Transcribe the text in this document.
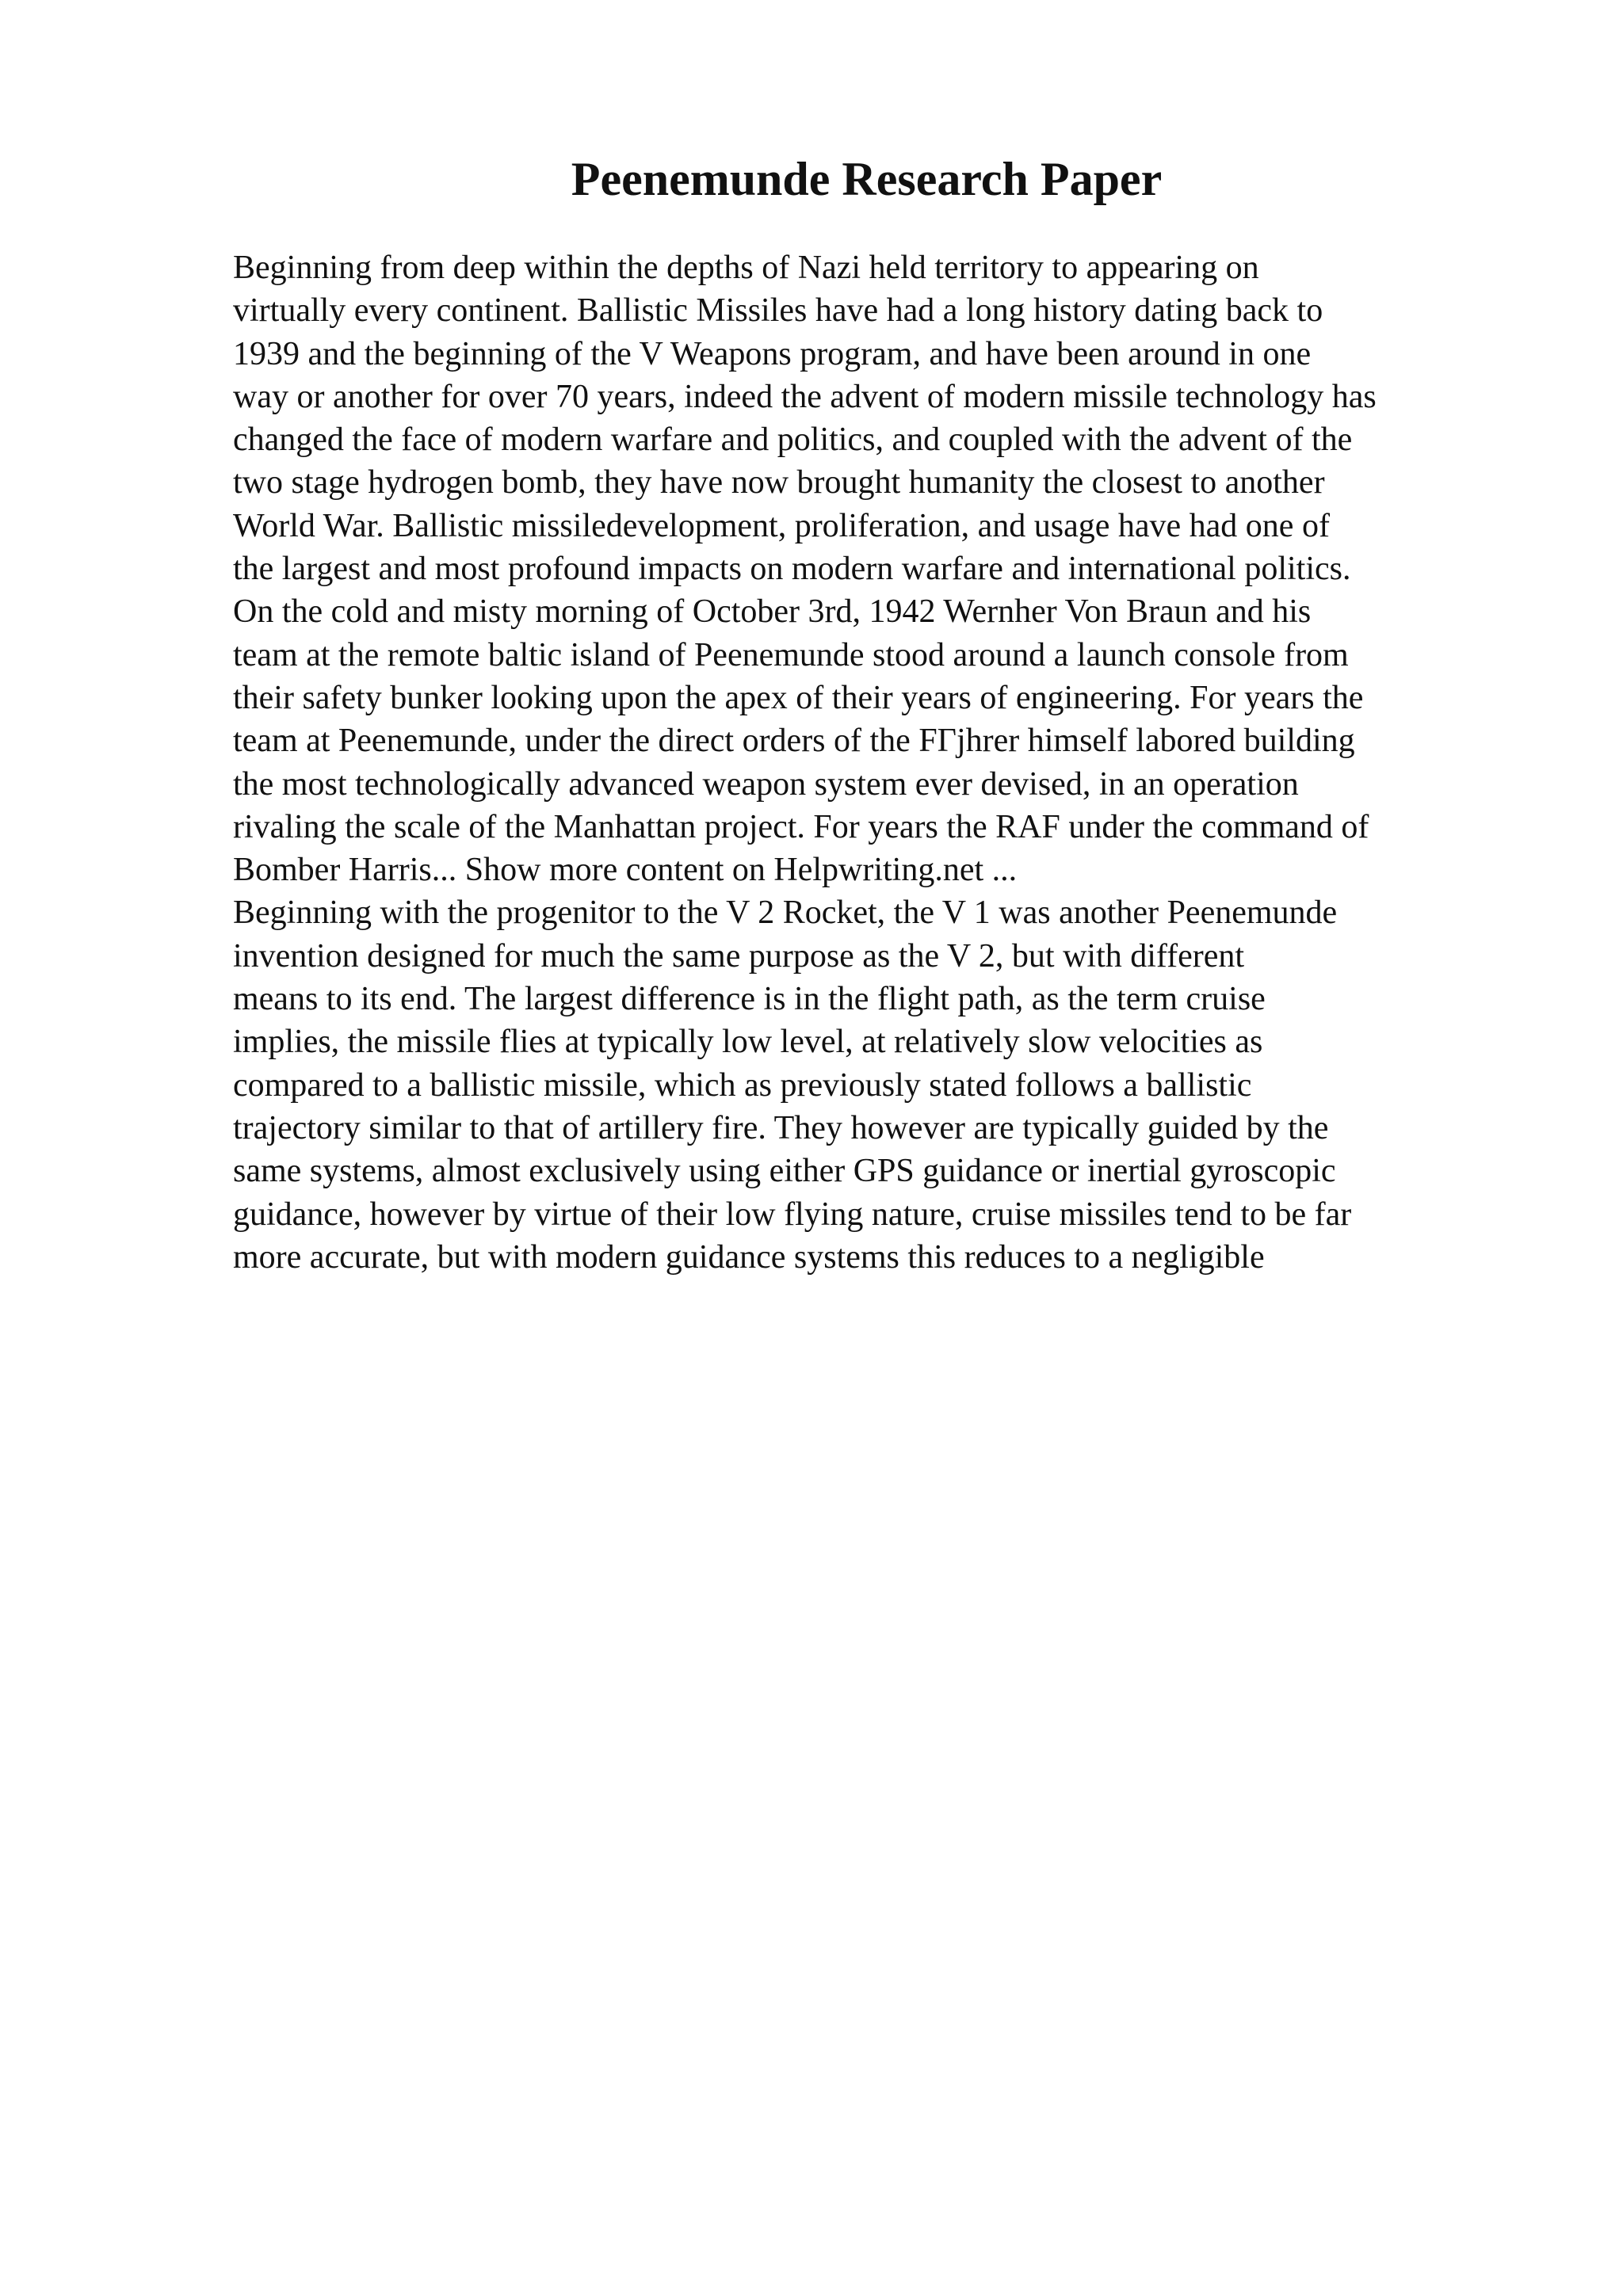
Peenemunde Research Paper
Beginning from deep within the depths of Nazi held territory to appearing on
virtually every continent. Ballistic Missiles have had a long history dating back to
1939 and the beginning of the V Weapons program, and have been around in one
way or another for over 70 years, indeed the advent of modern missile technology has
changed the face of modern warfare and politics, and coupled with the advent of the
two stage hydrogen bomb, they have now brought humanity the closest to another
World War. Ballistic missiledevelopment, proliferation, and usage have had one of
the largest and most profound impacts on modern warfare and international politics.
On the cold and misty morning of October 3rd, 1942 Wernher Von Braun and his
team at the remote baltic island of Peenemunde stood around a launch console from
their safety bunker looking upon the apex of their years of engineering. For years the
team at Peenemunde, under the direct orders of the FΓjhrer himself labored building
the most technologically advanced weapon system ever devised, in an operation
rivaling the scale of the Manhattan project. For years the RAF under the command of
Bomber Harris... Show more content on Helpwriting.net ...
Beginning with the progenitor to the V 2 Rocket, the V 1 was another Peenemunde
invention designed for much the same purpose as the V 2, but with different
means to its end. The largest difference is in the flight path, as the term cruise
implies, the missile flies at typically low level, at relatively slow velocities as
compared to a ballistic missile, which as previously stated follows a ballistic
trajectory similar to that of artillery fire. They however are typically guided by the
same systems, almost exclusively using either GPS guidance or inertial gyroscopic
guidance, however by virtue of their low flying nature, cruise missiles tend to be far
more accurate, but with modern guidance systems this reduces to a negligible
